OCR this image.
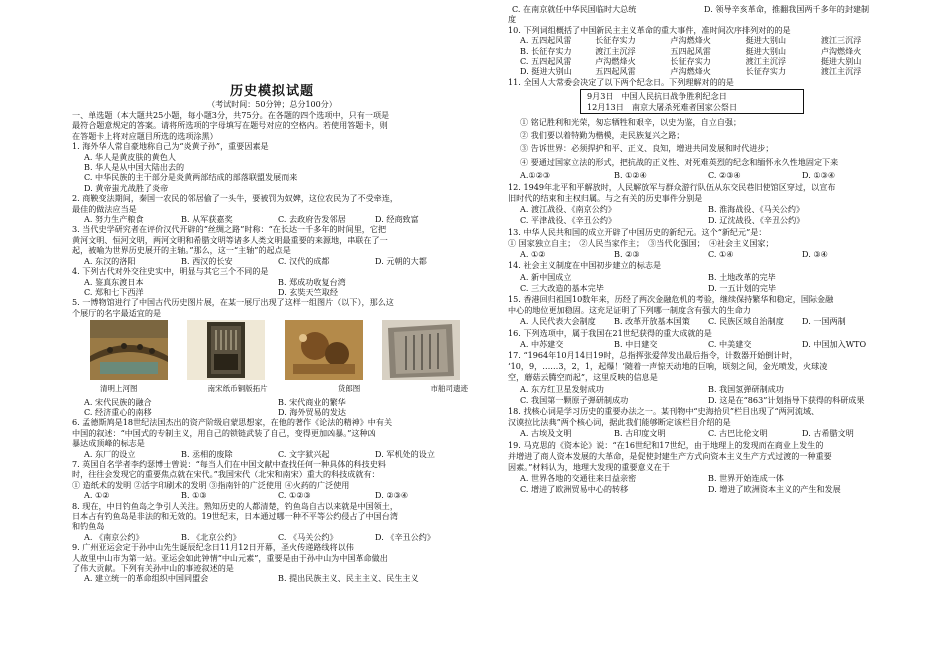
历史模拟试题
（考试时间：50分钟；总分100分）

一、单选题（本大题共25小题，每小题3分，共75分。在各题的四个选项中，只有一项是

最符合题意规定的答案。请将所选项的字母填写在题号对应的空格内。若使用答题卡，则

在答题卡上将对应题目所选的选项涂黑）

1. 海外华人常自豪地称自己为“炎黄子孙”，重要因素是

A. 华人是黄皮肤的黄色人

B. 华人是从中国大陆出去的

C. 中华民族的主干部分是炎黄两部结成的部落联盟发展而来

D. 黄帝蚩尤战胜了炎帝

2. 商鞅变法期间，秦国一农民的邻居偷了一头牛，要被罚为奴婢，这位农民为了不受牵连，

最佳的做法应当是

A. 努力生产粮食	B. 从军获嘉奖	C. 去政府告发邻居	D. 经商致富

3. 当代史学研究者在评价汉代开辟的“丝绸之路”时称：“在长达一千多年的时间里，它把

黄河文明、恒河文明，两河文明和希腊文明等诸多人类文明最重要的来源地，串联在了一

起，被喻为世界历史展开的主轴。”那么，这一“主轴”的起点是

A. 东汉的洛阳	B. 西汉的长安	C. 汉代的成都	D. 元朝的大都

4. 下列古代对外交往史实中，明显与其它三个不同的是

A. 鉴真东渡日本	B. 郑成功收复台湾
C. 郑和七下西洋	D. 玄奘天竺取经

5. 一博物馆进行了中国古代历史图片展，在某一展厅出现了这样一组图片（以下），那么这

个展厅的名字最适宜的是

清明上河图	南宋纸币铜版拓片	货郎图	市舶司遗迹
A. 宋代民族的融合	B. 宋代商业的繁华
C. 经济重心的南移	D. 海外贸易的发达

6. 孟德斯鸠是18世纪法国杰出的资产阶级启蒙思想家，在他的著作《论法的精神》中有关

中国的叙述：“中国式的专制主义，用自己的锁链武装了自己，变得更加凶暴。”这种凶

暴达成顶峰的标志是

A. 东厂的设立	B. 丞相的废除	C. 文字狱兴起	D. 军机处的设立

7. 英国自名学者李约瑟博士曾说：“每当人们在中国文献中查找任何一种具体的科技史料

时，往往会发现它的重要焦点就在宋代。”我国宋代（北宋和南宋）重大的科技成就有：

① 造纸术的发明 ②活字印刷术的发明 ③指南针的广泛使用 ④火药的广泛使用

A. ①②	B. ①③	C. ①②③	D. ②③④

8. 现在，中日钓鱼岛之争引人关注。熟知历史的人都清楚，钓鱼岛自古以来就是中国领土，

日本占有钓鱼岛是非法的和无效的。19世纪末，日本通过哪一种不平等公约侵占了中国台湾

和钓鱼岛

A. 《南京公约》	B. 《北京公约》	C. 《马关公约》	D. 《辛丑公约》

9. 广州亚运会定于孙中山先生诞辰纪念日11月12日开幕，圣火传递路线将以伟

人故里中山市为第一站。亚运会如此钟情“中山元素”，重要是由于孙中山为中国革命做出

了伟大贡献。下列有关孙中山的事迹叙述的是

A. 建立统一的革命组织中国同盟会	B. 提出民族主义、民主主义、民生主义
C. 在南京就任中华民国临时大总统	D. 领导辛亥革命，推翻我国两千多年的封建制

度

10. 下列词组概括了中国新民主主义革命的重大事件，准时间次序排列对的的是

A. 五四起风雷	长征存实力	卢沟燃烽火	挺进大别山	渡江三沉浮
B. 长征存实力	渡江主沉浮	五四起风雷	挺进大别山	卢沟燃烽火
C. 五四起风雷	卢沟燃烽火	长征存实力	渡江主沉浮	挺进大别山
D. 挺进大别山	五四起风雷	卢沟燃烽火	长征存实力	渡江主沉浮

11. 全国人大常委会决定了以下两个纪念日。下列理解对的的是

9月3日　中国人民抗日战争胜利纪念日

12月13日　南京大屠杀死难者国家公祭日

① 铭记胜利和光荣，匆忘牺牲和艰辛，以史为鉴，自立自强；

② 我们要以着特勤为楷模，走民族复兴之路；

③ 告诉世界：必须捍护和平、正义、良知，增进共同发展和时代进步；

④ 要通过国家立法的形式，把抗战的正义性、对死难英烈的纪念和缅怀永久性地固定下来

A.①②③	B. ①②④	C. ②③④	D. ①③④

12. 1949年北平和平解放时，人民解放军与群众游行队伍从东交民巷旧使馆区穿过，以宣布

旧时代的结束和主权归属。与之有关的历史事件分别是

A. 渡江战役、《南京公约》	B. 淮海战役、《马关公约》
C. 平津战役、《辛丑公约》	D. 辽沈战役、《辛丑公约》

13. 中华人民共和国的成立开辟了中国历史的新纪元。这个“新纪元”是：

① 国家独立自主；　②人民当家作主；　③当代化强国；　④社会主义国家；

A. ①②	B. ②③	C. ①④	D. ③④

14. 社会主义制度在中国初步建立的标志是

A. 新中国成立	B. 土地改革的完毕
C. 三大改造的基本完毕	D. 一五计划的完毕

15. 香港回归祖国10数年来，历经了两次金融危机的考验，继续保持繁华和稳定，国际金融

中心的地位更加稳固。这充足证明了下列哪一制度含有强大的生命力

A. 人民代表大会制度	B. 改革开放基本国策	C. 民族区域自治制度	D. 一国两制

16. 下列选项中，属于我国在21世纪获得的重大成就的是

A. 中苏建交	B. 中日建交	C. 中美建交	D. 中国加入WTO

17. “1964年10月14日19时，总指挥张爱萍发出最后指令，计数器开始倒计时，

‘10，9，……3，2，1，起爆！’随着一声惊天动地的巨响，顷刻之间，金光喷发，火球凌

空，蘑菇云腾空而起”，这里反映的信息是

A. 东方红卫星发射成功	B. 我国氢弹研制成功
C. 我国第一颗原子弹研制成功	D. 这是在“863”计划指导下获得的科研成果

18. 找核心词是学习历史的重要办法之一。某刊物中“史海拾贝”栏目出现了“两河流域、

汉谟拉比法典”两个核心词，据此我们能够断定该栏目介绍的是

A. 古埃及文明	B. 古印度文明	C. 古巴比伦文明	D. 古希腊文明

19. 马克思的《资本论》说：“在16世纪和17世纪，由于地理上的发现而在商业上发生的

并增进了商人资本发展的大革命，是促使封建生产方式向资本主义生产方式过渡的一种重要

因素。”材料认为，地理大发现的重要意义在于

A. 世界各地的交通往来日益亲密	B. 世界开始连成一体
C. 增进了欧洲贸易中心的转移	D. 增进了欧洲资本主义的产生和发展
